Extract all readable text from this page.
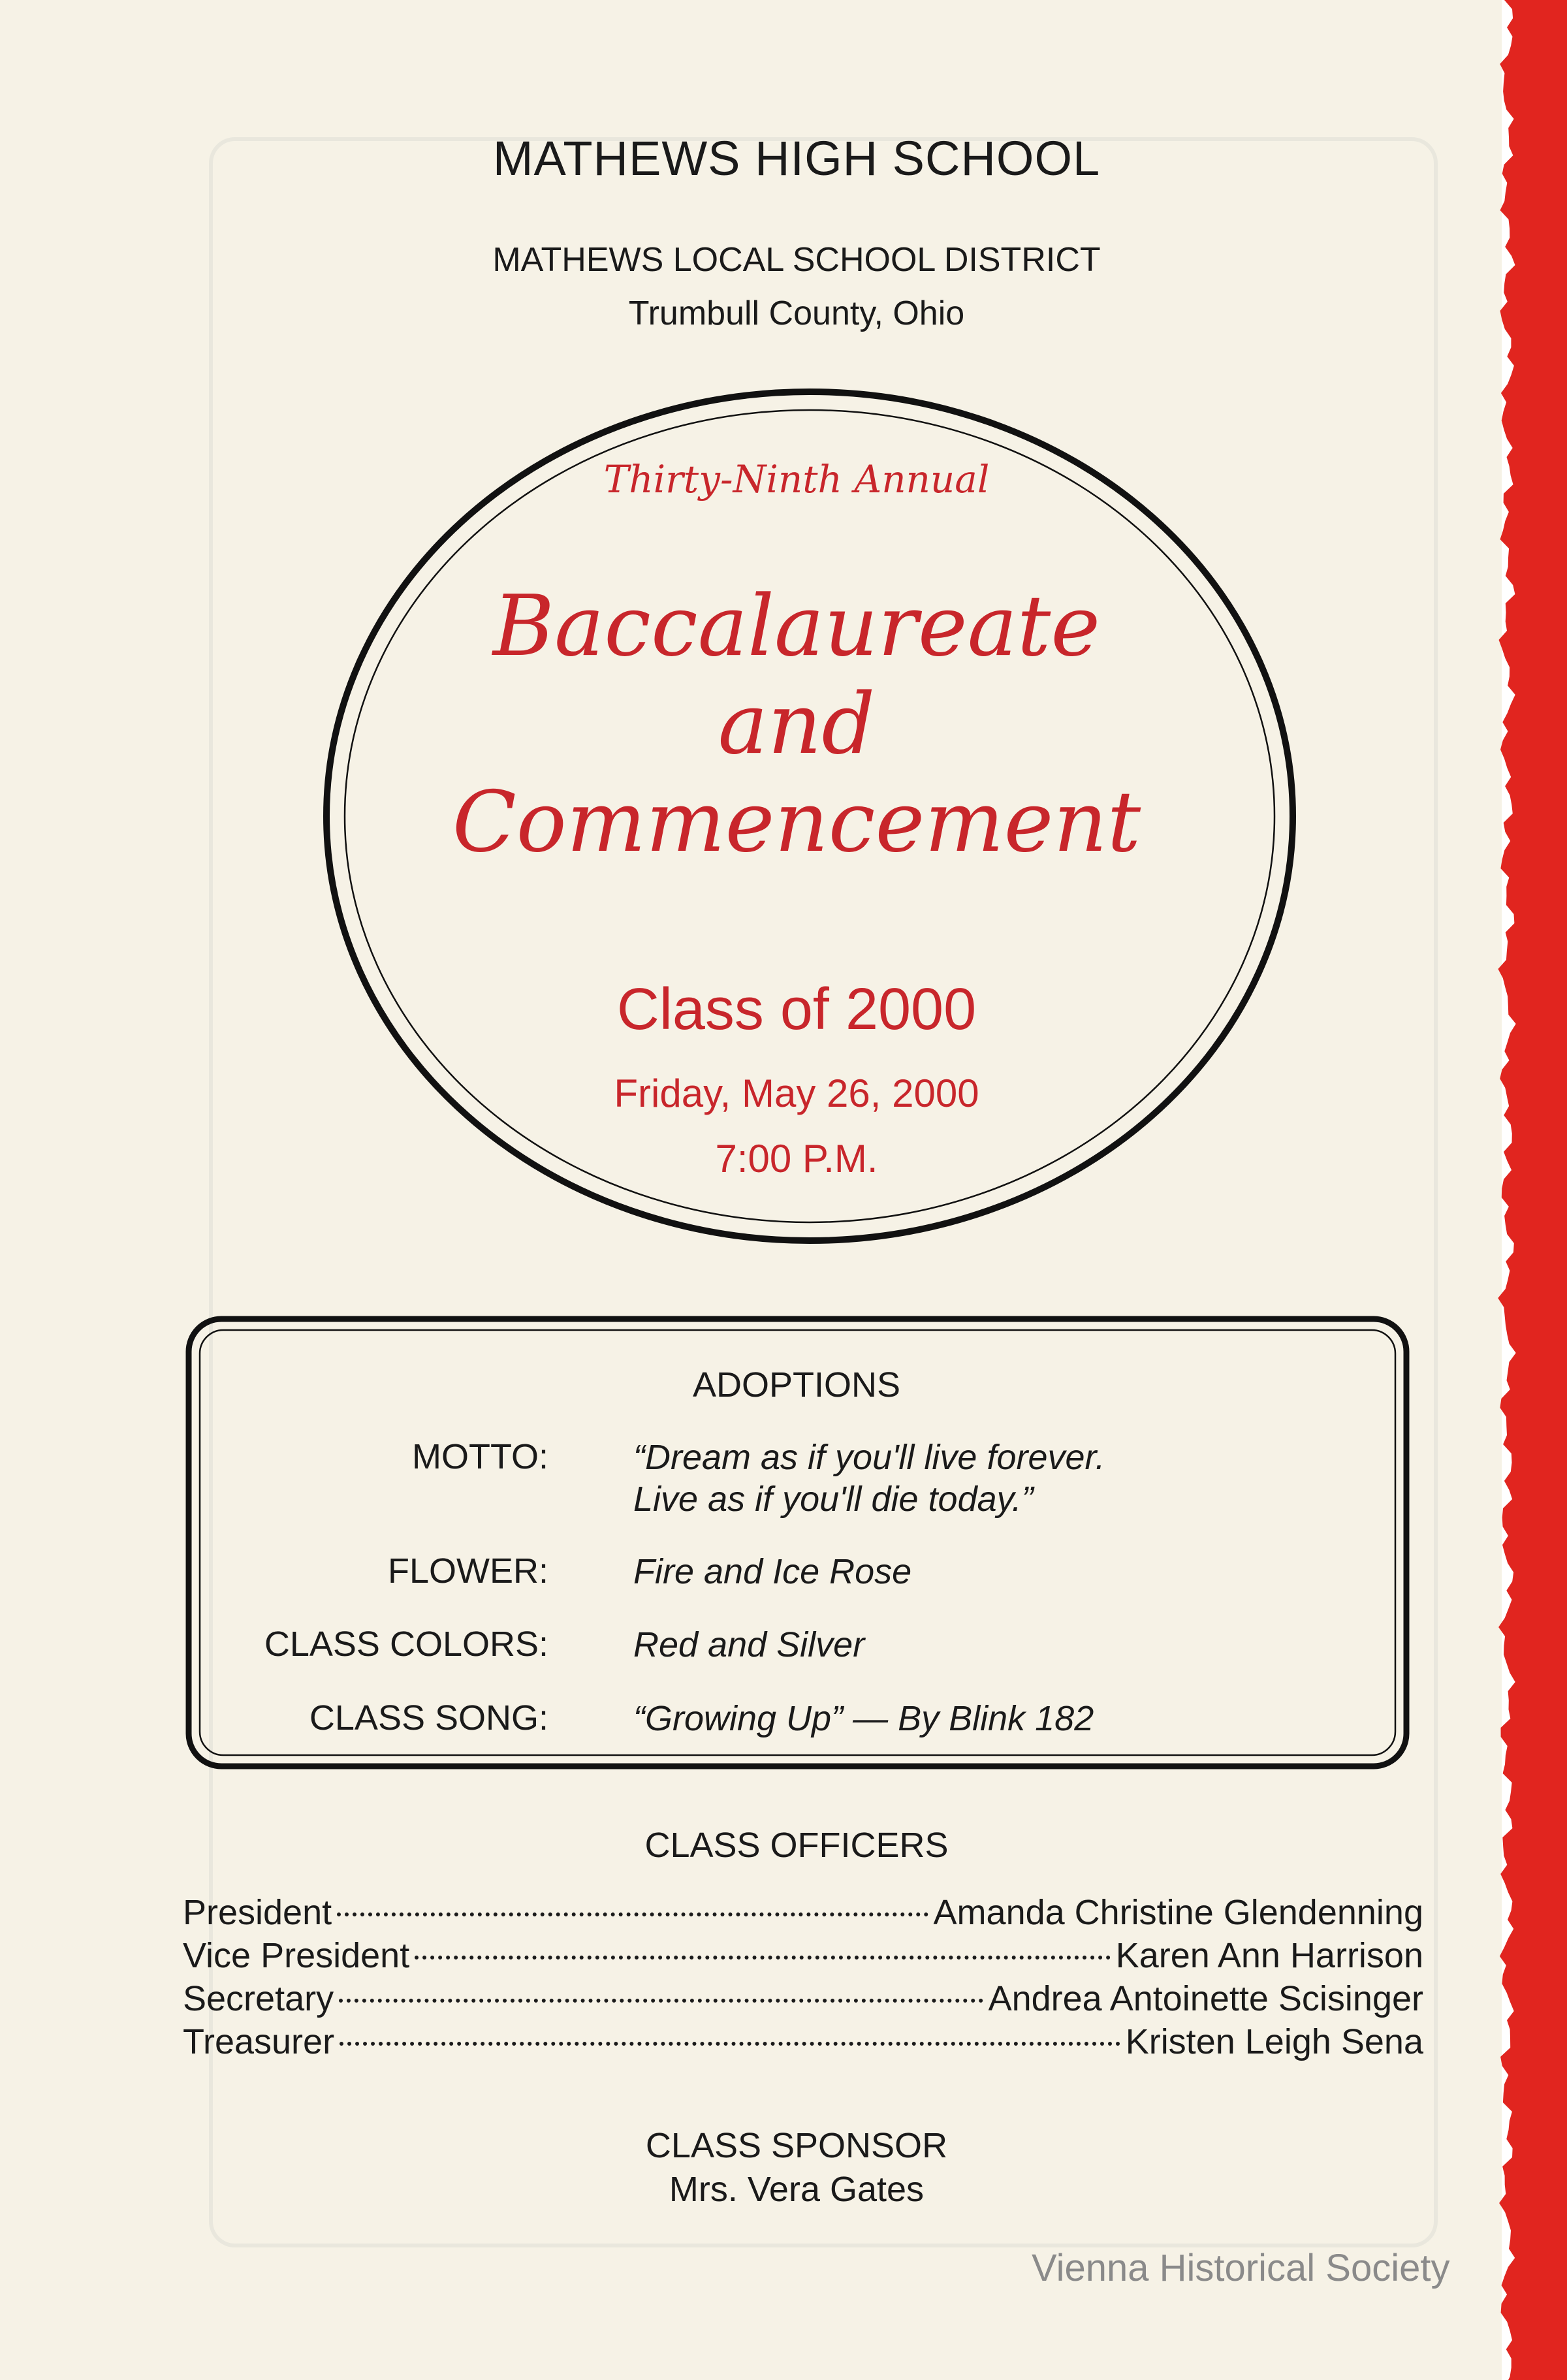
MATHEWS HIGH SCHOOL
MATHEWS LOCAL SCHOOL DISTRICT
Trumbull County, Ohio
Thirty-Ninth Annual
Baccalaureate
and
Commencement
Class of 2000
Friday, May 26, 2000
7:00 P.M.
ADOPTIONS
MOTTO: “Dream as if you'll live forever.
Live as if you'll die today.”
FLOWER: Fire and Ice Rose
CLASS COLORS: Red and Silver
CLASS SONG: “Growing Up” — By Blink 182
CLASS OFFICERS
President	Amanda Christine Glendenning
Vice President	Karen Ann Harrison
Secretary	Andrea Antoinette Scisinger
Treasurer	Kristen Leigh Sena
CLASS SPONSOR
Mrs. Vera Gates
Vienna Historical Society
